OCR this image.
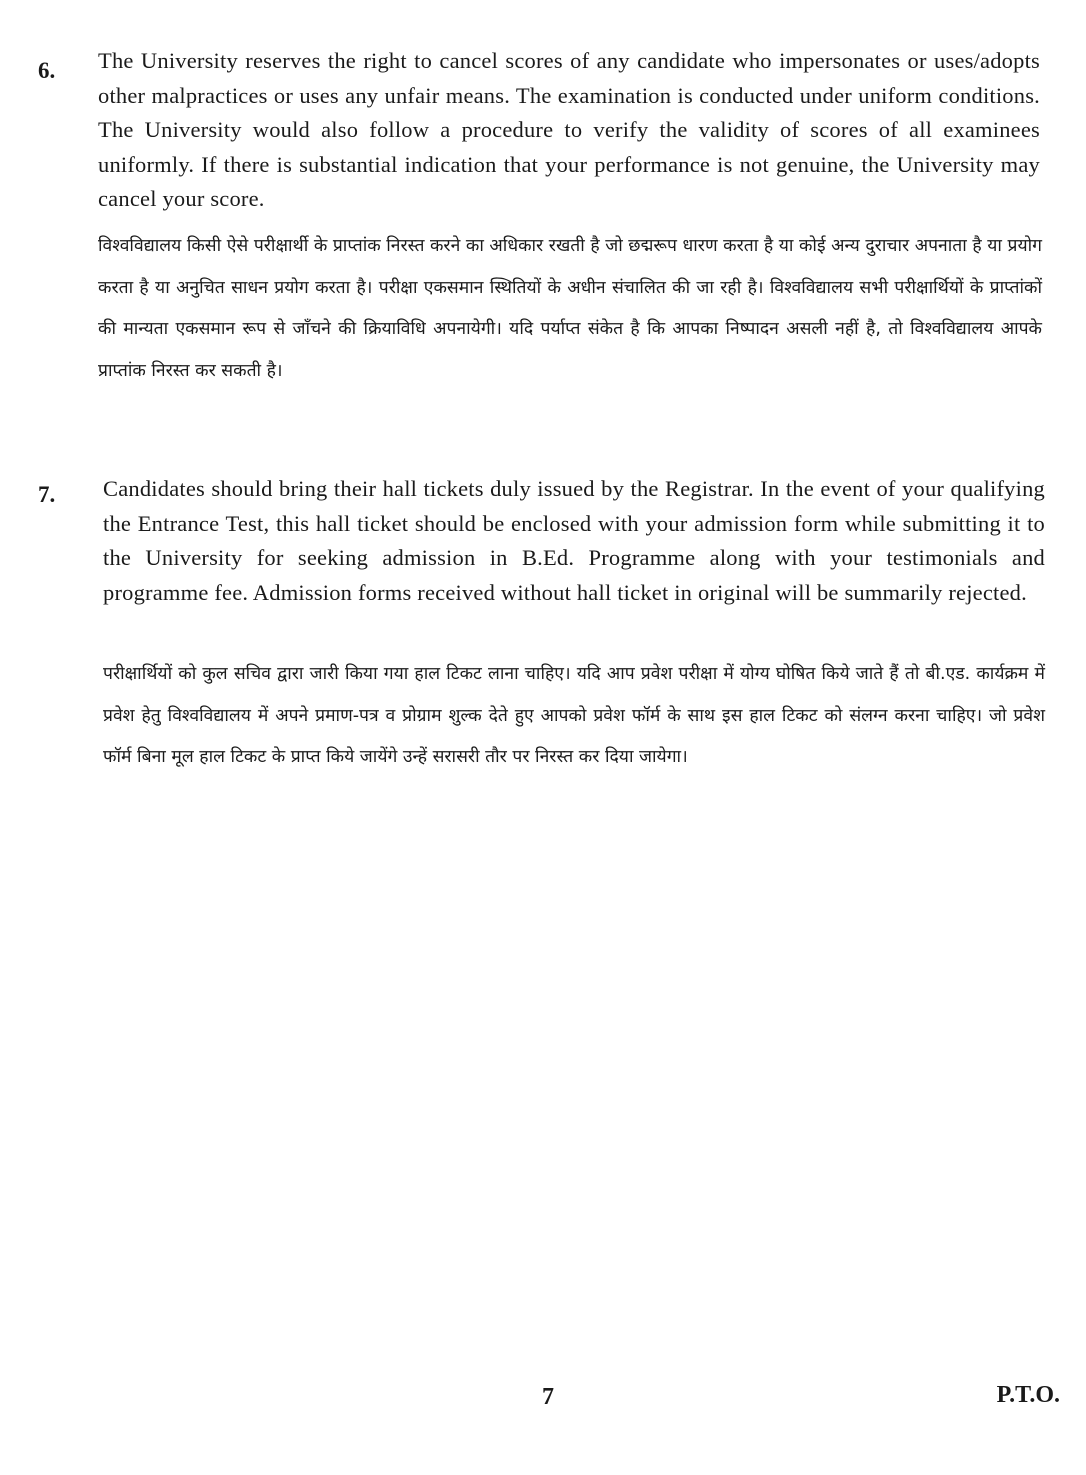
6. The University reserves the right to cancel scores of any candidate who impersonates or uses/adopts other malpractices or uses any unfair means. The examination is conducted under uniform conditions. The University would also follow a procedure to verify the validity of scores of all examinees uniformly. If there is substantial indication that your performance is not genuine, the University may cancel your score.
विश्वविद्यालय किसी ऐसे परीक्षार्थी के प्राप्तांक निरस्त करने का अधिकार रखती है जो छद्मरूप धारण करता है या कोई अन्य दुराचार अपनाता है या प्रयोग करता है या अनुचित साधन प्रयोग करता है। परीक्षा एकसमान स्थितियों के अधीन संचालित की जा रही है। विश्वविद्यालय सभी परीक्षार्थियों के प्राप्तांकों की मान्यता एकसमान रूप से जाँचने की क्रियाविधि अपनायेगी। यदि पर्याप्त संकेत है कि आपका निष्पादन असली नहीं है, तो विश्वविद्यालय आपके प्राप्तांक निरस्त कर सकती है।
7. Candidates should bring their hall tickets duly issued by the Registrar. In the event of your qualifying the Entrance Test, this hall ticket should be enclosed with your admission form while submitting it to the University for seeking admission in B.Ed. Programme along with your testimonials and programme fee. Admission forms received without hall ticket in original will be summarily rejected.
परीक्षार्थियों को कुल सचिव द्वारा जारी किया गया हाल टिकट लाना चाहिए। यदि आप प्रवेश परीक्षा में योग्य घोषित किये जाते हैं तो बी.एड. कार्यक्रम में प्रवेश हेतु विश्वविद्यालय में अपने प्रमाण-पत्र व प्रोग्राम शुल्क देते हुए आपको प्रवेश फॉर्म के साथ इस हाल टिकट को संलग्न करना चाहिए। जो प्रवेश फॉर्म बिना मूल हाल टिकट के प्राप्त किये जायेंगे उन्हें सरासरी तौर पर निरस्त कर दिया जायेगा।
7	P.T.O.
